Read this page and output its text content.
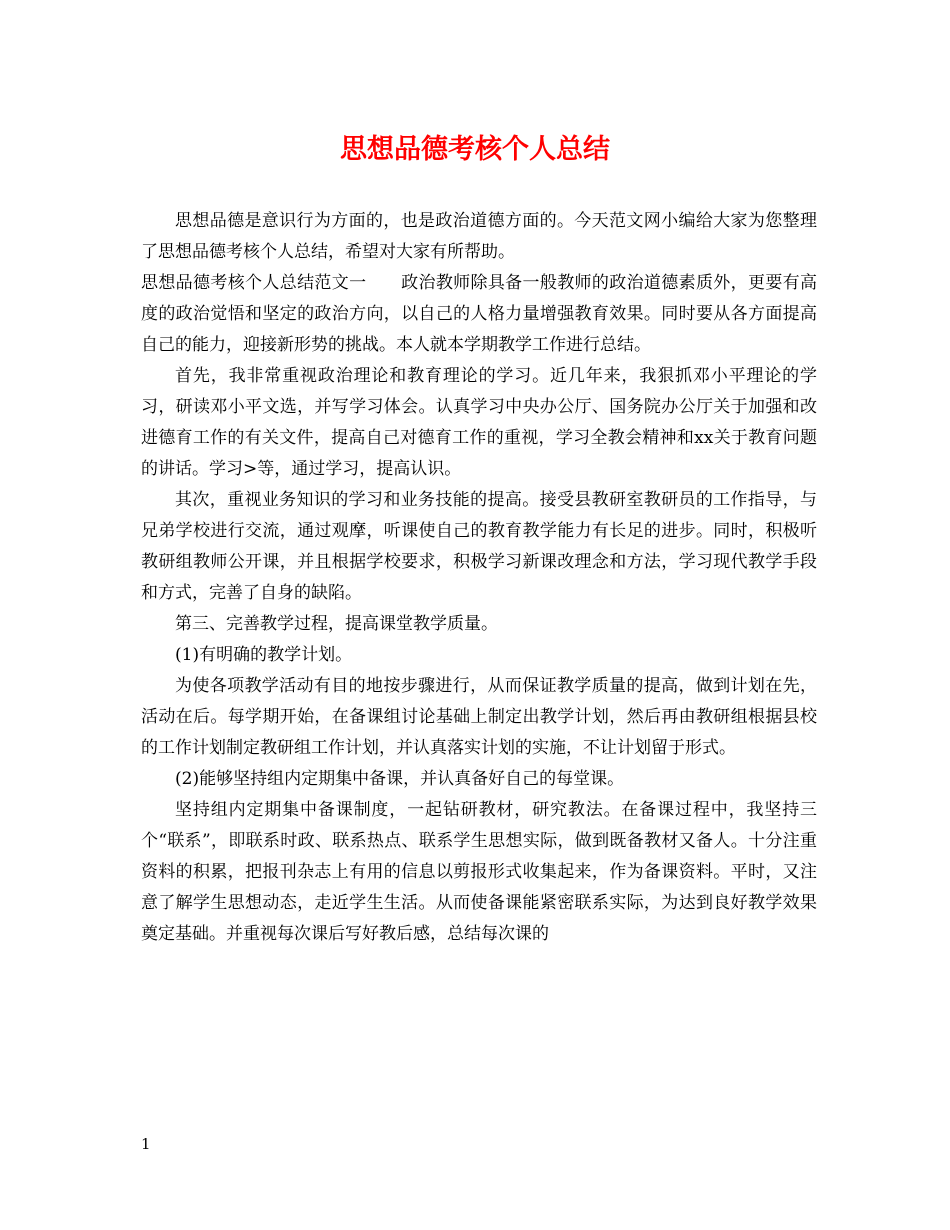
思想品德考核个人总结

思想品德是意识行为方面的，也是政治道德方面的。今天范文网小编给大家为您整理了思想品德考核个人总结，希望对大家有所帮助。

思想品德考核个人总结范文一　　政治教师除具备一般教师的政治道德素质外，更要有高度的政治觉悟和坚定的政治方向，以自己的人格力量增强教育效果。同时要从各方面提高自己的能力，迎接新形势的挑战。本人就本学期教学工作进行总结。

首先，我非常重视政治理论和教育理论的学习。近几年来，我狠抓邓小平理论的学习，研读邓小平文选，并写学习体会。认真学习中央办公厅、国务院办公厅关于加强和改进德育工作的有关文件，提高自己对德育工作的重视，学习全教会精神和xx关于教育问题的讲话。学习>等，通过学习，提高认识。

其次，重视业务知识的学习和业务技能的提高。接受县教研室教研员的工作指导，与兄弟学校进行交流，通过观摩，听课使自己的教育教学能力有长足的进步。同时，积极听教研组教师公开课，并且根据学校要求，积极学习新课改理念和方法，学习现代教学手段和方式，完善了自身的缺陷。

第三、完善教学过程，提高课堂教学质量。

(1)有明确的教学计划。

为使各项教学活动有目的地按步骤进行，从而保证教学质量的提高，做到计划在先，活动在后。每学期开始，在备课组讨论基础上制定出教学计划，然后再由教研组根据县校的工作计划制定教研组工作计划，并认真落实计划的实施，不让计划留于形式。

(2)能够坚持组内定期集中备课，并认真备好自己的每堂课。

坚持组内定期集中备课制度，一起钻研教材，研究教法。在备课过程中，我坚持三个“联系”，即联系时政、联系热点、联系学生思想实际，做到既备教材又备人。十分注重资料的积累，把报刊杂志上有用的信息以剪报形式收集起来，作为备课资料。平时，又注意了解学生思想动态，走近学生生活。从而使备课能紧密联系实际，为达到良好教学效果奠定基础。并重视每次课后写好教后感，总结每次课的

1
